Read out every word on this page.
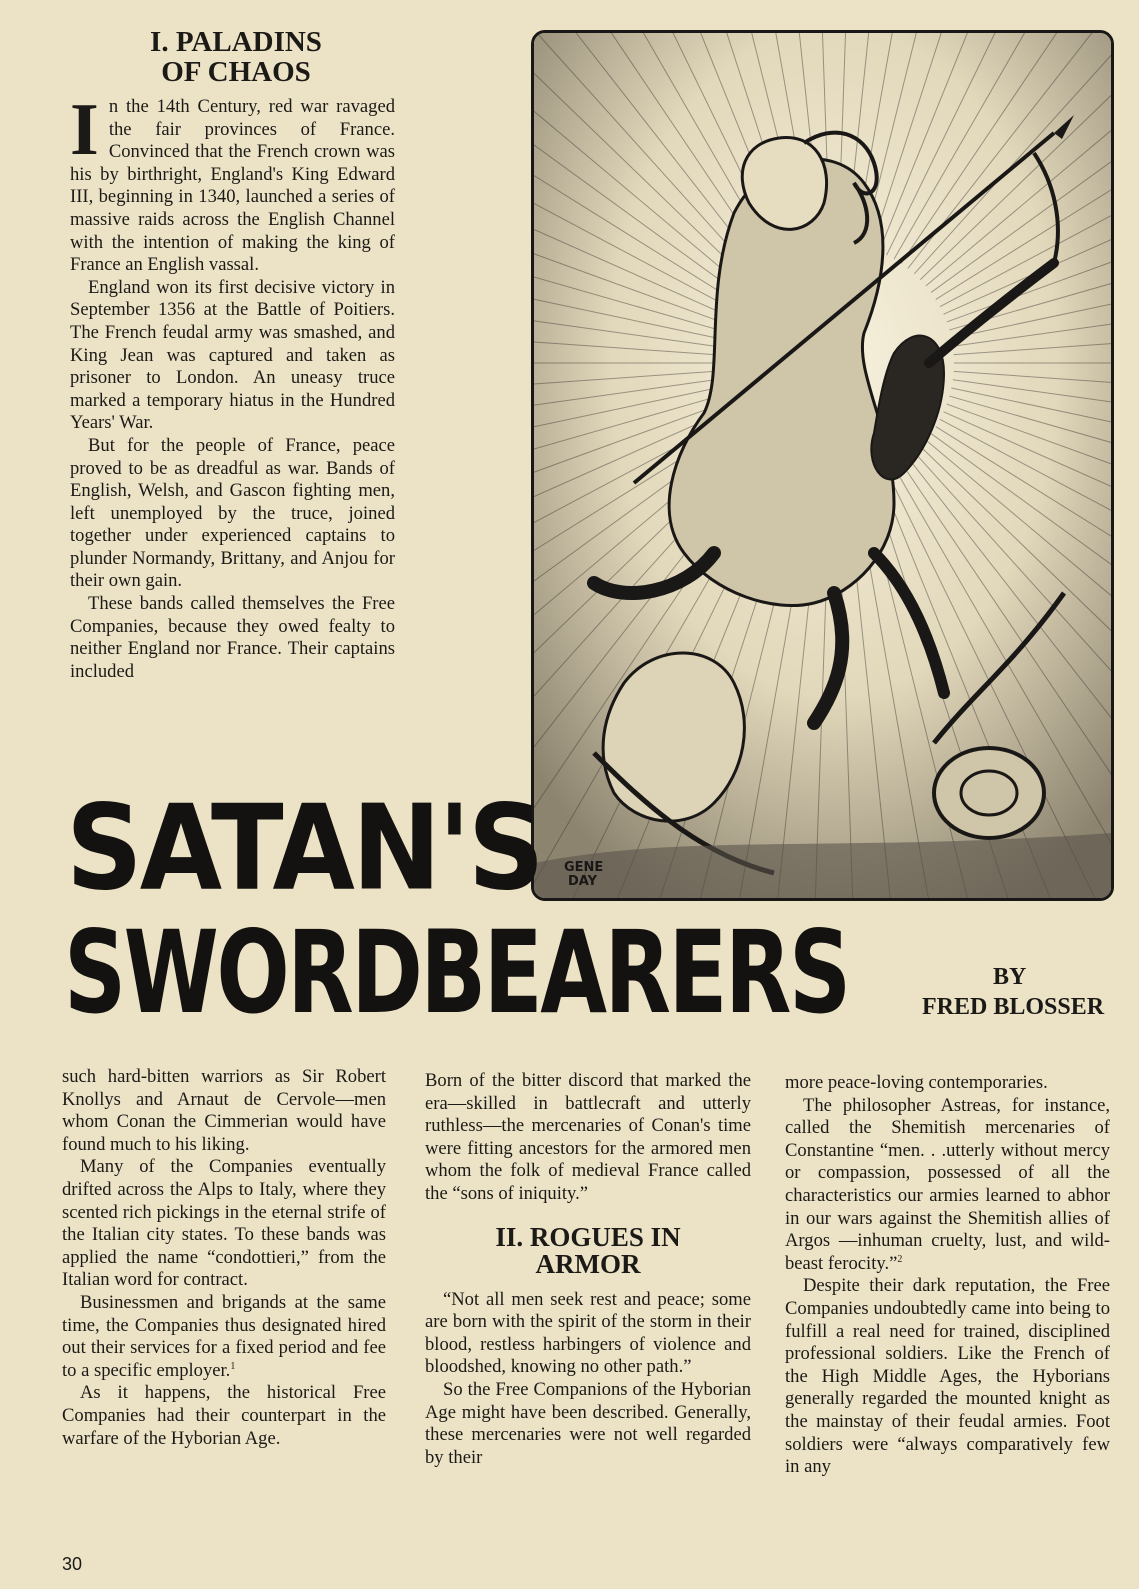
I. PALADINS
OF CHAOS

In the 14th Century, red war ravaged the fair provinces of France. Convinced that the French crown was his by birthright, England's King Edward III, beginning in 1340, launched a series of massive raids across the English Channel with the intention of making the king of France an English vassal.

England won its first decisive victory in September 1356 at the Battle of Poitiers. The French feudal army was smashed, and King Jean was captured and taken as prisoner to London. An uneasy truce marked a temporary hiatus in the Hundred Years' War.

But for the people of France, peace proved to be as dreadful as war. Bands of English, Welsh, and Gascon fighting men, left unemployed by the truce, joined together under experienced captains to plunder Normandy, Brittany, and Anjou for their own gain.

These bands called themselves the Free Companies, because they owed fealty to neither England nor France. Their captains included

GENE
DAY
SATAN'S
SWORDBEARERS	BY
FRED BLOSSER

such hard-bitten warriors as Sir Robert Knollys and Arnaut de Cervole—men whom Conan the Cimmerian would have found much to his liking.

Many of the Companies eventually drifted across the Alps to Italy, where they scented rich pickings in the eternal strife of the Italian city states. To these bands was applied the name “condottieri,” from the Italian word for contract.

Businessmen and brigands at the same time, the Companies thus designated hired out their services for a fixed period and fee to a specific employer.$^1$

As it happens, the historical Free Companies had their counterpart in the warfare of the Hyborian Age.

Born of the bitter discord that marked the era—skilled in battlecraft and utterly ruthless—the mercenaries of Conan's time were fitting ancestors for the armored men whom the folk of medieval France called the “sons of iniquity.”

II. ROGUES IN
ARMOR

“Not all men seek rest and peace; some are born with the spirit of the storm in their blood, restless harbingers of violence and bloodshed, knowing no other path.”

So the Free Companions of the Hyborian Age might have been described. Generally, these mercenaries were not well regarded by their

more peace-loving contemporaries.

The philosopher Astreas, for instance, called the Shemitish mercenaries of Constantine “men. . .utterly without mercy or compassion, possessed of all the characteristics our armies learned to abhor in our wars against the Shemitish allies of Argos —inhuman cruelty, lust, and wild-beast ferocity.”$^2$

Despite their dark reputation, the Free Companies undoubtedly came into being to fulfill a real need for trained, disciplined professional soldiers. Like the French of the High Middle Ages, the Hyborians generally regarded the mounted knight as the mainstay of their feudal armies. Foot soldiers were “always comparatively few in any

30
